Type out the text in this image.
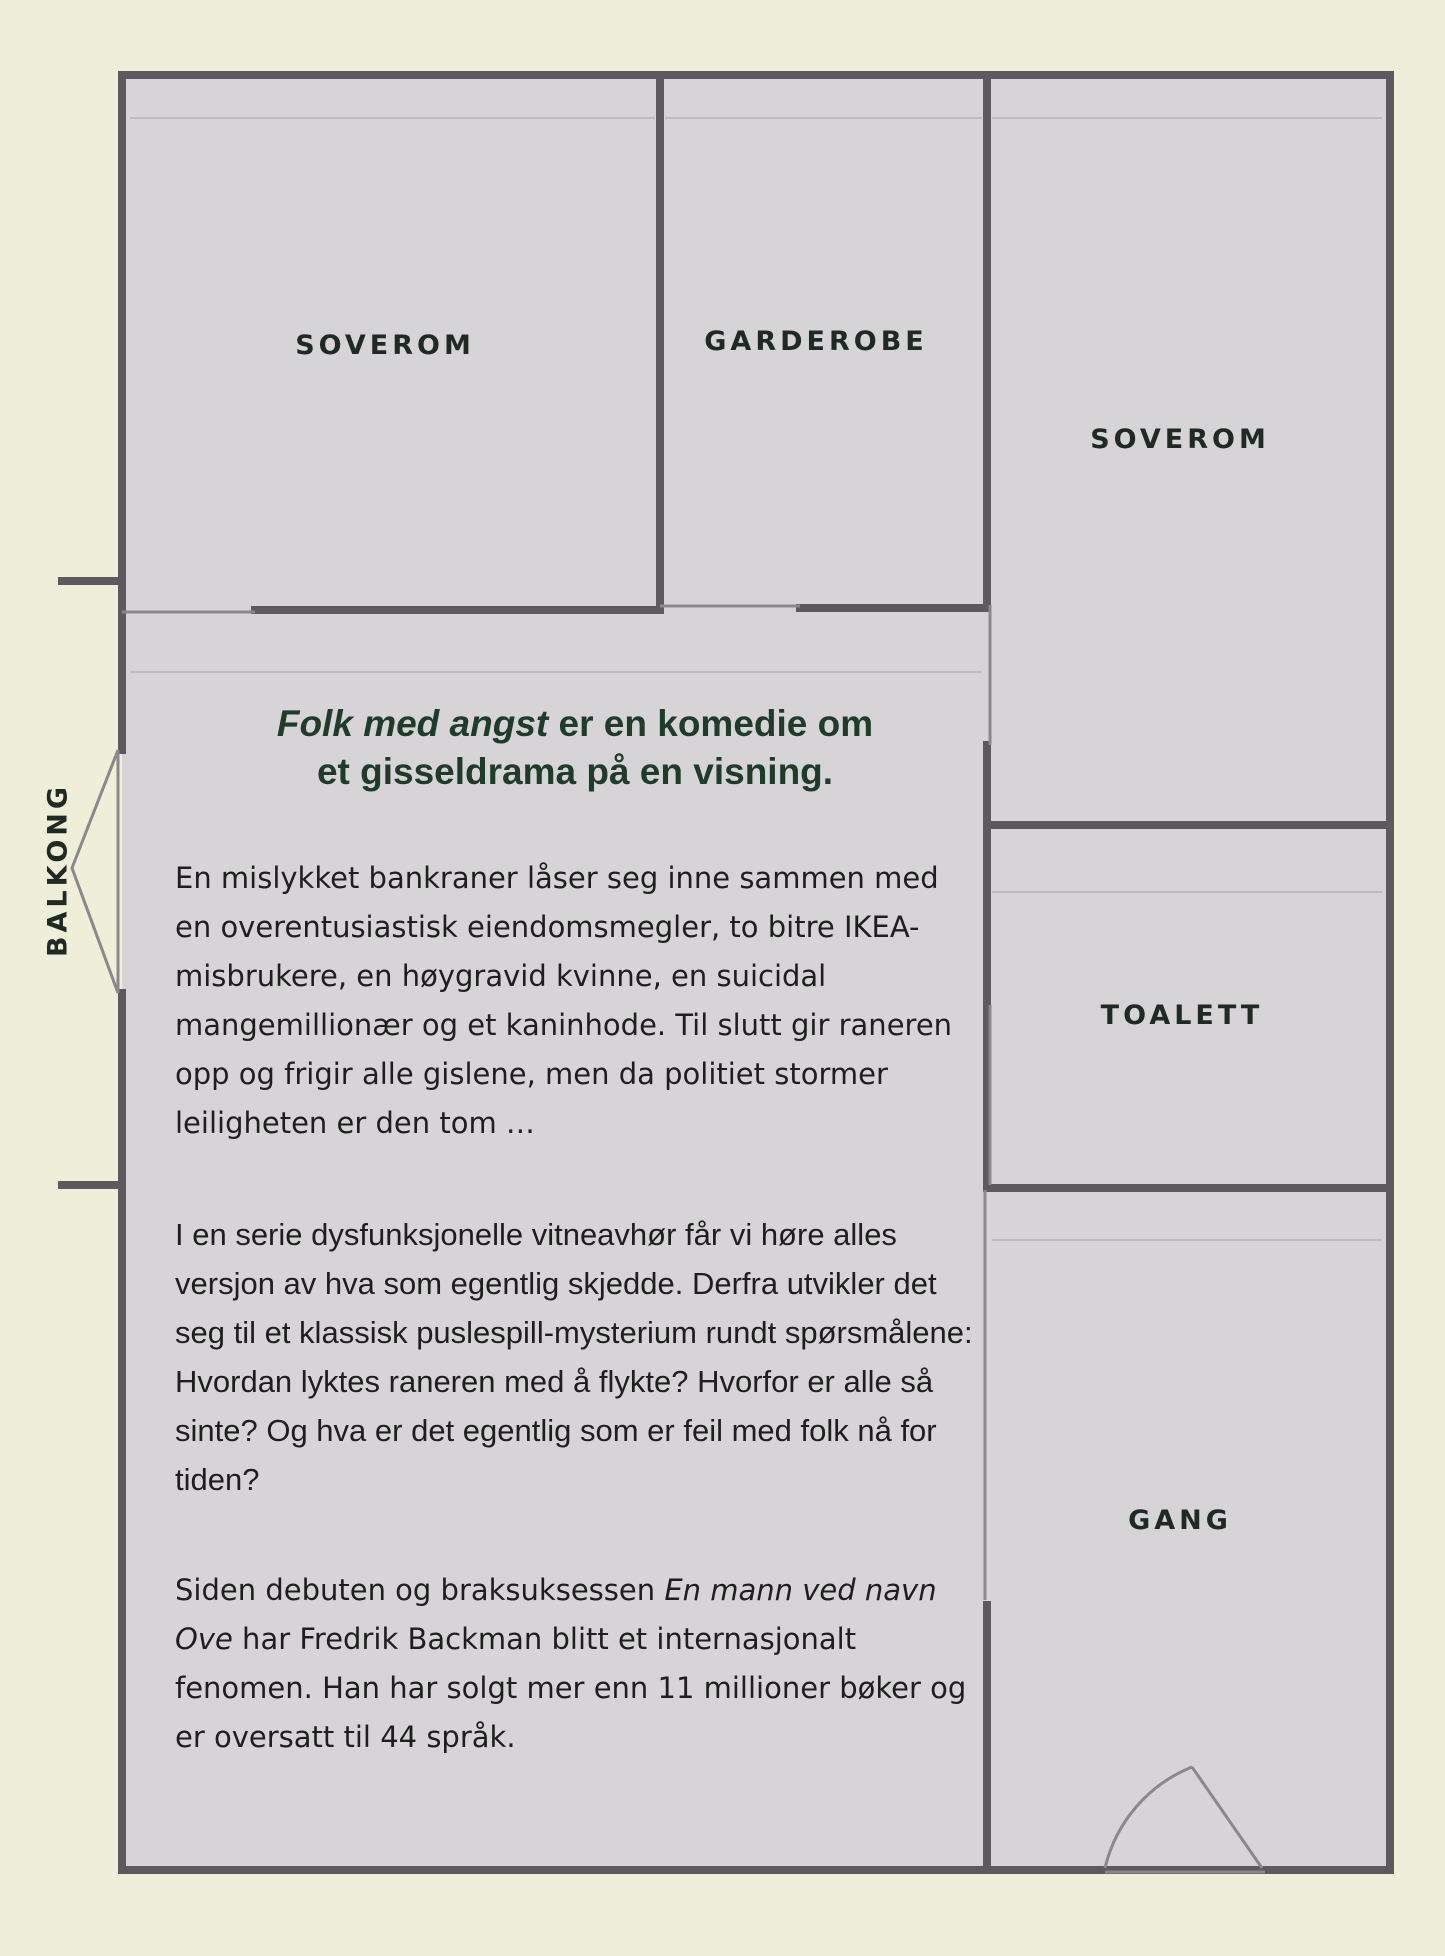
SOVEROM	GARDEROBE
SOVEROM
TOALETT
GANG
BALKONG
Folk med angst er en komedie om
et gisseldrama på en visning.

En mislykket bankraner låser seg inne sammen med en overentusiastisk eiendomsmegler, to bitre IKEA-misbrukere, en høygravid kvinne, en suicidal mangemillionær og et kaninhode. Til slutt gir raneren opp og frigir alle gislene, men da politiet stormer leiligheten er den tom …

I en serie dysfunksjonelle vitneavhør får vi høre alles versjon av hva som egentlig skjedde. Derfra utvikler det seg til et klassisk puslespill-mysterium rundt spørsmålene: Hvordan lyktes raneren med å flykte? Hvorfor er alle så sinte? Og hva er det egentlig som er feil med folk nå for tiden?

Siden debuten og braksuksessen En mann ved navn Ove har Fredrik Backman blitt et internasjonalt fenomen. Han har solgt mer enn 11 millioner bøker og er oversatt til 44 språk.
